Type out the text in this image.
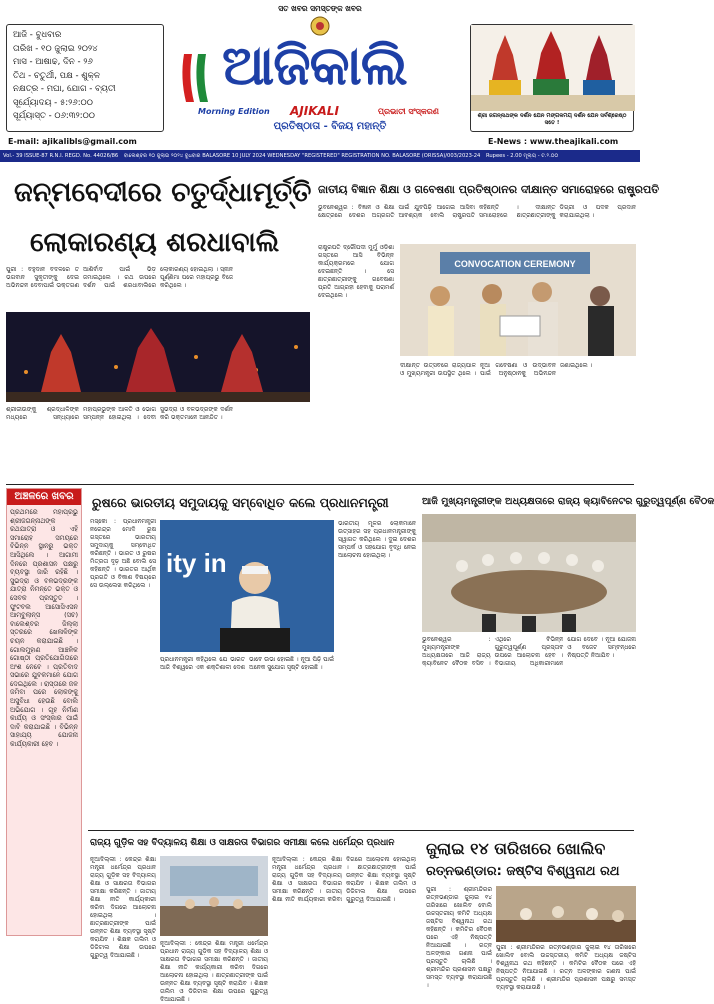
ଆଜି - ବୁଧବାର
ତାରିଖ - ୧୦ ଜୁଲାଇ ୨୦୨୪
ମାସ - ଆଷାଢ, ଦିନ - ୨୬
ତିଥ - ଚତୁର୍ଥୀ, ପକ୍ଷ - ଶୁକ୍ଳ
ନକ୍ଷତ୍ର - ମଘା, ଯୋଗ - ବ୍ୟତୀ
ସୂର୍ଯ୍ୟୋଦୟ - ୫:୨୬:୦୦
ସୂର୍ଯ୍ୟାସ୍ତ - ୦୬:୩୨:୦୦
E-mail: ajikalibls@gmail.com
ସତ ଖବର ସମସ୍ତଙ୍କ ଖବର
ଆଜିକାଲି
Morning Edition AJIKALI	ପ୍ରଭାତୀ ସଂସ୍କରଣ
ପ୍ରତିଷ୍ଠାତା - ବିଜୟ ମହାନ୍ତି
ଶ୍ରୀ ଜଗନ୍ନାଥଙ୍କ ଦର୍ଶନ ଯେନ ମଙ୍ଗଳମୟ ଦର୍ଶନ ଯେନ ସର୍ବଶ୍ରେଷ୍ଠ ସତେ !
E-News : www.theajikali.com
Vol.- 39 ISSUE-87 R.N.I. REGD. No. 44026/86 ବାଲେଶ୍ବର ୧୦ ଜୁଲାଇ ୨୦୨୪ ବୁଧବାର BALASORE 10 JULY 2024 WEDNESDAY "REGISTERED" REGISTRATION NO. BALASORE (ORISSA)/003/2023-24 Rupees - 2.00 ମୂଲ୍ୟ - ଟ.୨.୦୦
ଜନ୍ମବେଦୀରେ ଚତୁର୍ଦ୍ଧାମୂର୍ତ୍ତି
ଲୋକାରଣ୍ୟ ଶରଧାବାଲି
ପୁରୀ : ବହୁଦାନ ବଦଳରେ ତ ଭଗବାନ ସୁକୃତୀଙ୍କୁ ଦେଇ ଅଭିନନ୍ଦନ ଦେବାପାଇଁ ଭକ୍ତଗଣ ଆଶିର୍ବାଦ ପାଇଁ ଭିଡ଼ ଜମାଇଥିଲେ । ରଥ ଉପରେ ଦର୍ଶନ ପାଇଁ ଶରଧାବାଲିରେ ଲୋକାରଣ୍ୟ ହୋଇଥିଲା । ସ୍ନାନ ପୂର୍ଣ୍ଣିମା ପରେ ମହାପ୍ରଭୁ ବିଜେ କରିଥିଲେ ।
ଶ୍ରୀଜୀଉଙ୍କୁ ଶ୍ରଦ୍ଧାଳିଙ୍କ ମଧ୍ୟରେ ସନ୍ଧ୍ୟାରେ ମହାପ୍ରଭୁଙ୍କ ଆଳତି ଓ ଭୋଗ ସମ୍ପନ୍ନ ହୋଇଥିଲା । ଦେବୀ ସୁଭଦ୍ରା ଓ ବଳଭଦ୍ରଙ୍କ ଦର୍ଶନ କରି ଭକ୍ତମାନେ ଆନନ୍ଦିତ ।
ଜାତୀୟ ବିଜ୍ଞାନ ଶିକ୍ଷା ଓ ଗବେଷଣା ପ୍ରତିଷ୍ଠାନର ଦୀକ୍ଷାନ୍ତ ସମାରୋହରେ ରାଷ୍ଟ୍ରପତି
ଭୁବନେଶ୍ୱର : ବିଜ୍ଞାନ ଓ ଶିକ୍ଷା କ୍ଷେତ୍ରରେ ଦେଶର ଅଗ୍ରଗତି ପାଇଁ ଯୁବପିଢ଼ି ଆଗେଇ ଆସିବା ଆବଶ୍ୟକ ବୋଲି ରାଷ୍ଟ୍ରପତି କହିଛନ୍ତି । ଦୀକ୍ଷାନ୍ତ ସମାରୋହରେ ଛାତ୍ରଛାତ୍ରୀଙ୍କୁ ଡିଗ୍ରୀ ଓ ପଦକ ପ୍ରଦାନ କରାଯାଇଥିଲା ।
ରାଷ୍ଟ୍ରପତି ଦ୍ରୌପଦୀ ମୁର୍ମୁ ଓଡ଼ିଶା ଗସ୍ତରେ ଆସି ବିଭିନ୍ନ କାର୍ଯ୍ୟକ୍ରମରେ ଯୋଗ ଦେଇଛନ୍ତି । ସେ ଛାତ୍ରଛାତ୍ରୀଙ୍କୁ ଗବେଷଣା ପ୍ରତି ଆଗ୍ରହୀ ହେବାକୁ ପରାମର୍ଶ ଦେଇଥିଲେ ।
CONVOCATION CEREMONY
ଦୀକ୍ଷାନ୍ତ ଉତ୍ସବରେ ରାଜ୍ୟପାଳ ଓ ମୁଖ୍ୟମନ୍ତ୍ରୀ ଉପସ୍ଥିତ ଥିଲେ । ନୂଆ ଗବେଷଣା ଓ ଉଦ୍ଭାବନ ପାଇଁ ଅନୁଷ୍ଠାନକୁ ଅଭିନନ୍ଦନ ଜଣାଇଥିଲେ ।
ଅଞ୍ଚଳରେ ଖବର
ପ୍ରଥମରେ ମହାପ୍ରଭୁ ଶ୍ରୀଜଗନ୍ନାଥଙ୍କ ରଥଯାତ୍ରା ଓ ଏହି ସମାରୋହ ସମୟରେ ବିଭିନ୍ନ ସ୍ଥାନରୁ ଭକ୍ତ ଆସିଥିଲେ । ଆଗାମୀ ଦିନରେ ପ୍ରଶାସନ ପକ୍ଷରୁ ବ୍ୟବସ୍ଥା ଜାରି ରହିଛି । ସୁଭଦ୍ରା ଓ ବଳଭଦ୍ରଙ୍କ ଯାତ୍ରା ନିମନ୍ତେ ଭକ୍ତ ଓ ସେବକ ପ୍ରସ୍ତୁତ । ଫୁଟବଲ ଆସୋସିଏସନ ଆମ୍ବୁଲାନ୍ସ (ସଚ) ବାଲେଶ୍ବର ଜିଲ୍ଲା ସ୍ତରରେ ଖେଳାଳିଙ୍କ ଚୟନ କରାଯାଇଛି । ଗୋଲମୁହାଣ ଆଞ୍ଚଳିକ ଗୋଷ୍ଠୀ ପ୍ରତିଯୋଗିତାରେ ଅଂଶ ନେବେ । ପ୍ରତିବାଦ ସଭାରେ ଯୁବକମାନେ ଯୋଗ ଦେଇଥିଲେ । ରାସ୍ତାରେ ଜଳ ଜମିବା ପରେ ଲୋକଙ୍କୁ ଅସୁବିଧା ହେଉଛି ବୋଲି ଅଭିଯୋଗ । ଗୃହ ନିର୍ମାଣ କାର୍ଯ୍ୟ ଓ ସଂସ୍କାର ପାଇଁ ଦାବି କରାଯାଇଛି । ବିଭିନ୍ନ ସାହାଯ୍ୟ ଯୋଜନା କାର୍ଯ୍ୟକାରୀ ହେବ ।
ରୁଷରେ ଭାରତୀୟ ସମୁଦାୟକୁ ସମ୍ବୋଧିତ କଲେ ପ୍ରଧାନମନ୍ତ୍ରୀ
ମସ୍କୋ : ପ୍ରଧାନମନ୍ତ୍ରୀ ନରେନ୍ଦ୍ର ମୋଦି ରୁଷ ଗସ୍ତରେ ଭାରତୀୟ ସମୁଦାୟକୁ ସମ୍ବୋଧିତ କରିଛନ୍ତି । ଭାରତ ଓ ରୁଷର ମିତ୍ରତା ଦୃଢ଼ ଅଛି ବୋଲି ସେ କହିଛନ୍ତି । ଭାରତର ଆର୍ଥିକ ପ୍ରଗତି ଓ ବିକାଶ ବିଷୟରେ ସେ ଉଲ୍ଲେଖ କରିଥିଲେ ।
ity in
ଭାରତୀୟ ମୂଳର ଲୋକମାନେ ଉତ୍ସାହର ସହ ପ୍ରଧାନମନ୍ତ୍ରୀଙ୍କୁ ସ୍ୱାଗତ କରିଥିଲେ । ଦୁଇ ଦେଶର ସମ୍ପର୍କ ଓ ସହଯୋଗ ବୃଦ୍ଧି ନେଇ ଆଲୋଚନା ହୋଇଥିଲା ।
ପ୍ରଧାନମନ୍ତ୍ରୀ କହିଥିଲେ ଯେ ଭାରତ ଆଜି ବିଶ୍ୱରେ ଏକ ଶକ୍ତିଶାଳୀ ଦେଶ ଭାବେ ଉଭା ହୋଇଛି । ନୂଆ ପିଢ଼ି ପାଇଁ ଅନେକ ସୁଯୋଗ ସୃଷ୍ଟି ହୋଇଛି ।
ଆଜି ମୁଖ୍ୟମନ୍ତ୍ରୀଙ୍କ ଅଧ୍ୟକ୍ଷତାରେ ରାଜ୍ୟ କ୍ୟାବିନେଟର ଗୁରୁତ୍ୱପୂର୍ଣ୍ଣ ବୈଠକ
ଭୁବନେଶ୍ୱର : ମୁଖ୍ୟମନ୍ତ୍ରୀଙ୍କ ଅଧ୍ୟକ୍ଷତାରେ ଆଜି ରାଜ୍ୟ କ୍ୟାବିନେଟ ବୈଠକ ବସିବ । ଏଥିରେ ବିଭିନ୍ନ ଗୁରୁତ୍ୱପୂର୍ଣ୍ଣ ପ୍ରସ୍ତାବ ଉପରେ ଆଲୋଚନା ହେବ । ବିଭାଗୀୟ ଅଧିକାରୀମାନେ ଯୋଗ ଦେବେ । ନୂଆ ଯୋଜନା ଓ ବଜେଟ ସମ୍ବନ୍ଧରେ ନିଷ୍ପତ୍ତି ନିଆଯିବ ।
ରାଜ୍ୟ ଗୁଡ଼ିକ ସହ ବିଦ୍ୟାଳୟ ଶିକ୍ଷା ଓ ସାକ୍ଷରତା ବିଭାଗର ସମୀକ୍ଷା କଲେ ଧର୍ମେନ୍ଦ୍ର ପ୍ରଧାନ
ନୂଆଦିଲ୍ଲୀ : କେନ୍ଦ୍ର ଶିକ୍ଷା ମନ୍ତ୍ରୀ ଧର୍ମେନ୍ଦ୍ର ପ୍ରଧାନ ରାଜ୍ୟ ଗୁଡ଼ିକ ସହ ବିଦ୍ୟାଳୟ ଶିକ୍ଷା ଓ ସାକ୍ଷରତା ବିଭାଗର ସମୀକ୍ଷା କରିଛନ୍ତି । ଜାତୀୟ ଶିକ୍ଷା ନୀତି କାର୍ଯ୍ୟକାରୀ କରିବା ଦିଗରେ ଆଲୋଚନା ହୋଇଥିଲା । ଛାତ୍ରଛାତ୍ରୀଙ୍କ ପାଇଁ ଉନ୍ନତ ଶିକ୍ଷା ବ୍ୟବସ୍ଥା ସୃଷ୍ଟି କରାଯିବ । ଶିକ୍ଷକ ତାଲିମ ଓ ଡିଜିଟାଲ ଶିକ୍ଷା ଉପରେ ଗୁରୁତ୍ୱ ଦିଆଯାଇଛି ।
ନୂଆଦିଲ୍ଲୀ : କେନ୍ଦ୍ର ଶିକ୍ଷା ମନ୍ତ୍ରୀ ଧର୍ମେନ୍ଦ୍ର ପ୍ରଧାନ ରାଜ୍ୟ ଗୁଡ଼ିକ ସହ ବିଦ୍ୟାଳୟ ଶିକ୍ଷା ଓ ସାକ୍ଷରତା ବିଭାଗର ସମୀକ୍ଷା କରିଛନ୍ତି । ଜାତୀୟ ଶିକ୍ଷା ନୀତି କାର୍ଯ୍ୟକାରୀ କରିବା ଦିଗରେ ଆଲୋଚନା ହୋଇଥିଲା । ଛାତ୍ରଛାତ୍ରୀଙ୍କ ପାଇଁ ଉନ୍ନତ ଶିକ୍ଷା ବ୍ୟବସ୍ଥା ସୃଷ୍ଟି କରାଯିବ । ଶିକ୍ଷକ ତାଲିମ ଓ ଡିଜିଟାଲ ଶିକ୍ଷା ଉପରେ ଗୁରୁତ୍ୱ ଦିଆଯାଇଛି ।
ନୂଆଦିଲ୍ଲୀ : କେନ୍ଦ୍ର ଶିକ୍ଷା ମନ୍ତ୍ରୀ ଧର୍ମେନ୍ଦ୍ର ପ୍ରଧାନ ରାଜ୍ୟ ଗୁଡ଼ିକ ସହ ବିଦ୍ୟାଳୟ ଶିକ୍ଷା ଓ ସାକ୍ଷରତା ବିଭାଗର ସମୀକ୍ଷା କରିଛନ୍ତି । ଜାତୀୟ ଶିକ୍ଷା ନୀତି କାର୍ଯ୍ୟକାରୀ କରିବା ଦିଗରେ ଆଲୋଚନା ହୋଇଥିଲା । ଛାତ୍ରଛାତ୍ରୀଙ୍କ ପାଇଁ ଉନ୍ନତ ଶିକ୍ଷା ବ୍ୟବସ୍ଥା ସୃଷ୍ଟି କରାଯିବ । ଶିକ୍ଷକ ତାଲିମ ଓ ଡିଜିଟାଲ ଶିକ୍ଷା ଉପରେ ଗୁରୁତ୍ୱ ଦିଆଯାଇଛି ।
ଜୁଲାଇ ୧୪ ତାରିଖରେ ଖୋଲିବ
ରତ୍ନଭଣ୍ଡାର: ଜଷ୍ଟିସ ବିଶ୍ୱନାଥ ରଥ
ପୁରୀ : ଶ୍ରୀମନ୍ଦିରର ରତ୍ନଭଣ୍ଡାର ଜୁଲାଇ ୧୪ ତାରିଖରେ ଖୋଲିବ ବୋଲି ଉଚ୍ଚସ୍ତରୀୟ କମିଟି ଅଧ୍ୟକ୍ଷ ଜଷ୍ଟିସ ବିଶ୍ୱନାଥ ରଥ କହିଛନ୍ତି । କମିଟିର ବୈଠକ ପରେ ଏହି ନିଷ୍ପତ୍ତି ନିଆଯାଇଛି । ରତ୍ନ ଅଳଙ୍କାର ଗଣନା ପାଇଁ ପ୍ରସ୍ତୁତି ଚାଲିଛି । ଶ୍ରୀମନ୍ଦିର ପ୍ରଶାସନ ପକ୍ଷରୁ ସମସ୍ତ ବ୍ୟବସ୍ଥା କରାଯାଉଛି ।
ପୁରୀ : ଶ୍ରୀମନ୍ଦିରର ରତ୍ନଭଣ୍ଡାର ଜୁଲାଇ ୧୪ ତାରିଖରେ ଖୋଲିବ ବୋଲି ଉଚ୍ଚସ୍ତରୀୟ କମିଟି ଅଧ୍ୟକ୍ଷ ଜଷ୍ଟିସ ବିଶ୍ୱନାଥ ରଥ କହିଛନ୍ତି । କମିଟିର ବୈଠକ ପରେ ଏହି ନିଷ୍ପତ୍ତି ନିଆଯାଇଛି । ରତ୍ନ ଅଳଙ୍କାର ଗଣନା ପାଇଁ ପ୍ରସ୍ତୁତି ଚାଲିଛି । ଶ୍ରୀମନ୍ଦିର ପ୍ରଶାସନ ପକ୍ଷରୁ ସମସ୍ତ ବ୍ୟବସ୍ଥା କରାଯାଉଛି ।
